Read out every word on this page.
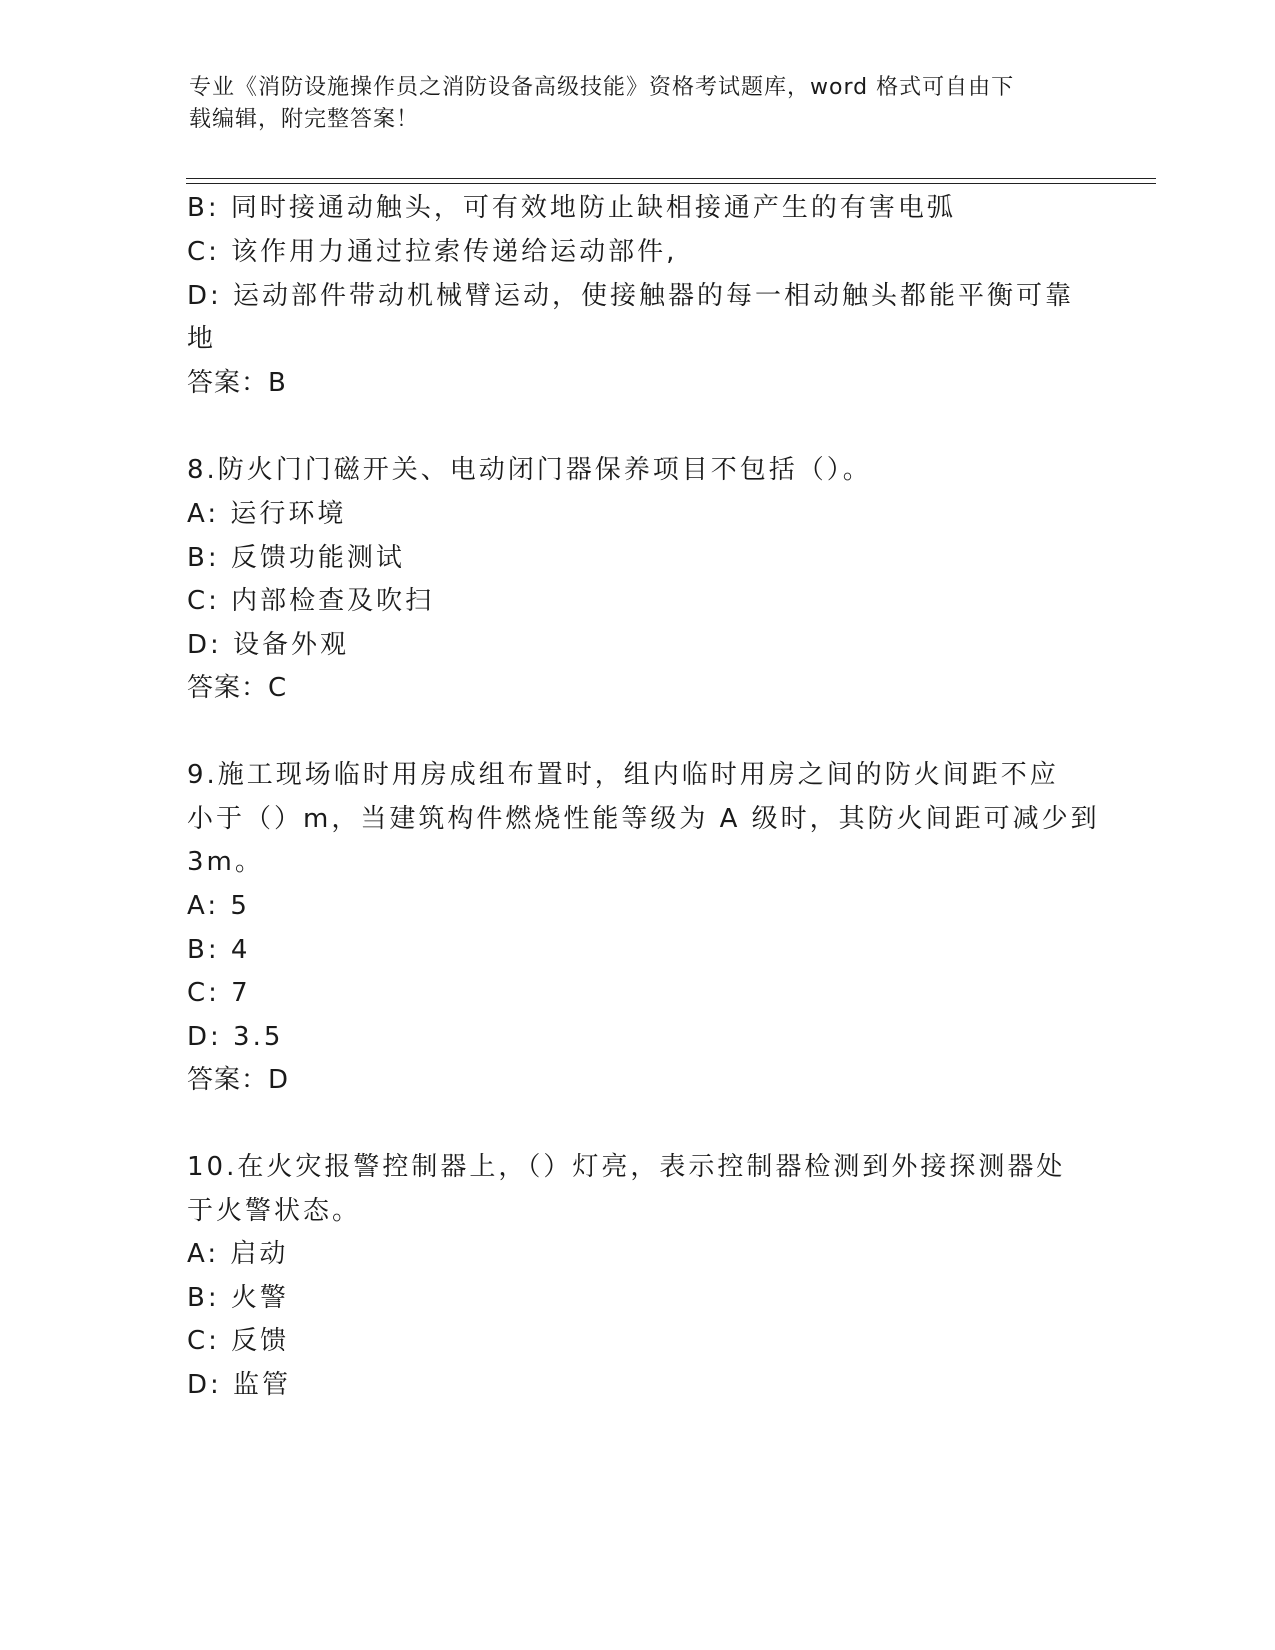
专业《消防设施操作员之消防设备高级技能》资格考试题库，word 格式可自由下
载编辑，附完整答案！
B: 同时接通动触头，可有效地防止缺相接通产生的有害电弧
C: 该作用力通过拉索传递给运动部件,
D: 运动部件带动机械臂运动，使接触器的每一相动触头都能平衡可靠
地
答案：B
8.防火门门磁开关、电动闭门器保养项目不包括（）。
A: 运行环境
B: 反馈功能测试
C: 内部检查及吹扫
D: 设备外观
答案：C
9.施工现场临时用房成组布置时，组内临时用房之间的防火间距不应
小于（）m，当建筑构件燃烧性能等级为 A 级时，其防火间距可减少到
3m。
A: 5
B: 4
C: 7
D: 3.5
答案：D
10.在火灾报警控制器上，（）灯亮，表示控制器检测到外接探测器处
于火警状态。
A: 启动
B: 火警
C: 反馈
D: 监管
